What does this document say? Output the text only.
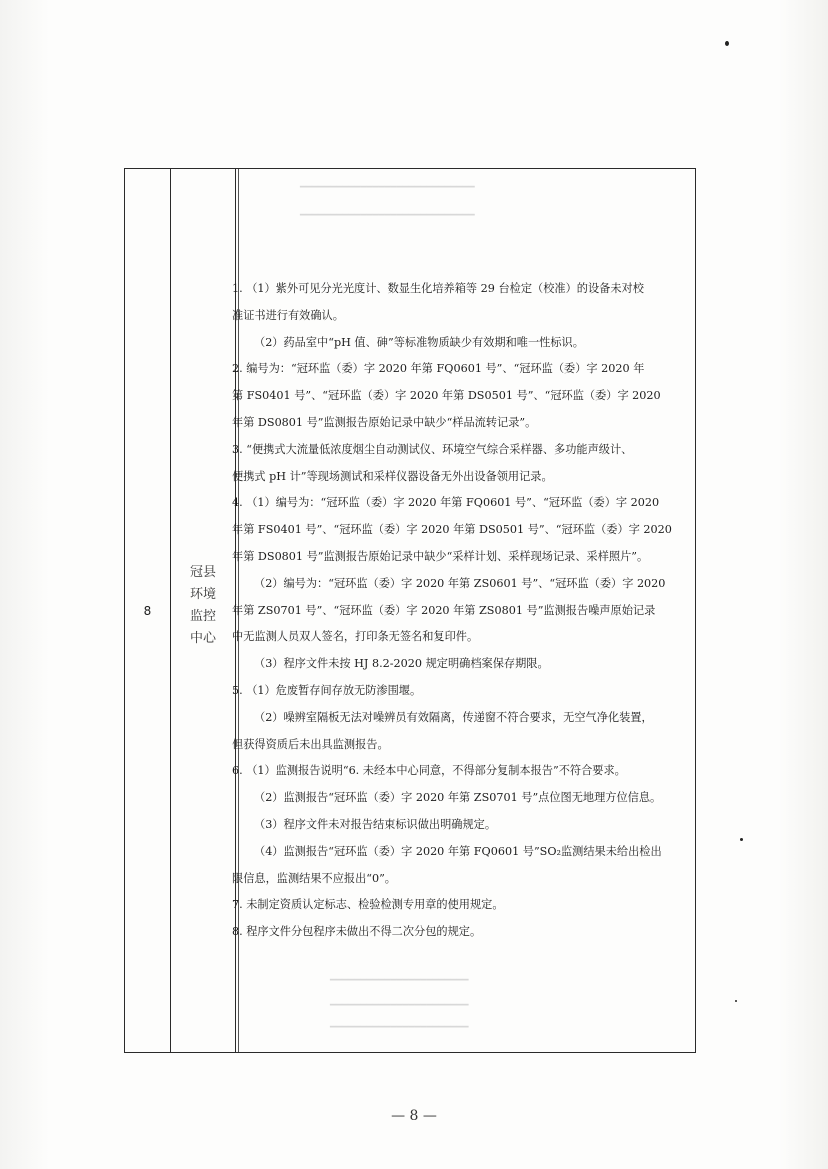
━━━━━━━━━━━━━━━━━━━━━━━━━━━━━
━━━━━━━━━━━━━━━━━━━━━━━━━━━━━
━━━━━━━━━━━━━━━━━━━━━━━
━━━━━━━━━━━━━━━━━━━━━━━
━━━━━━━━━━━━━━━━━━━━━━━
8
冠县
环境
监控
中心
1. （1）紫外可见分光光度计、数显生化培养箱等 29 台检定（校准）的设备未对校
准证书进行有效确认。
（2）药品室中“pH 值、砷”等标准物质缺少有效期和唯一性标识。
2. 编号为：“冠环监（委）字 2020 年第 FQ0601 号”、“冠环监（委）字 2020 年
第 FS0401 号”、“冠环监（委）字 2020 年第 DS0501 号”、“冠环监（委）字 2020
年第 DS0801 号”监测报告原始记录中缺少“样品流转记录”。
3. “便携式大流量低浓度烟尘自动测试仪、环境空气综合采样器、多功能声级计、
便携式 pH 计”等现场测试和采样仪器设备无外出设备领用记录。
4. （1）编号为：“冠环监（委）字 2020 年第 FQ0601 号”、“冠环监（委）字 2020
年第 FS0401 号”、“冠环监（委）字 2020 年第 DS0501 号”、“冠环监（委）字 2020
年第 DS0801 号”监测报告原始记录中缺少“采样计划、采样现场记录、采样照片”。
（2）编号为：“冠环监（委）字 2020 年第 ZS0601 号”、“冠环监（委）字 2020
年第 ZS0701 号”、“冠环监（委）字 2020 年第 ZS0801 号”监测报告噪声原始记录
中无监测人员双人签名，打印条无签名和复印件。
（3）程序文件未按 HJ 8.2-2020 规定明确档案保存期限。
5. （1）危废暂存间存放无防渗围堰。
（2）噪辨室隔板无法对噪辨员有效隔离，传递窗不符合要求，无空气净化装置，
但获得资质后未出具监测报告。
6. （1）监测报告说明“6. 未经本中心同意，不得部分复制本报告”不符合要求。
（2）监测报告“冠环监（委）字 2020 年第 ZS0701 号”点位图无地理方位信息。
（3）程序文件未对报告结束标识做出明确规定。
（4）监测报告“冠环监（委）字 2020 年第 FQ0601 号”SO₂监测结果未给出检出
限信息，监测结果不应报出“0”。
7. 未制定资质认定标志、检验检测专用章的使用规定。
8. 程序文件分包程序未做出不得二次分包的规定。
— 8 —
